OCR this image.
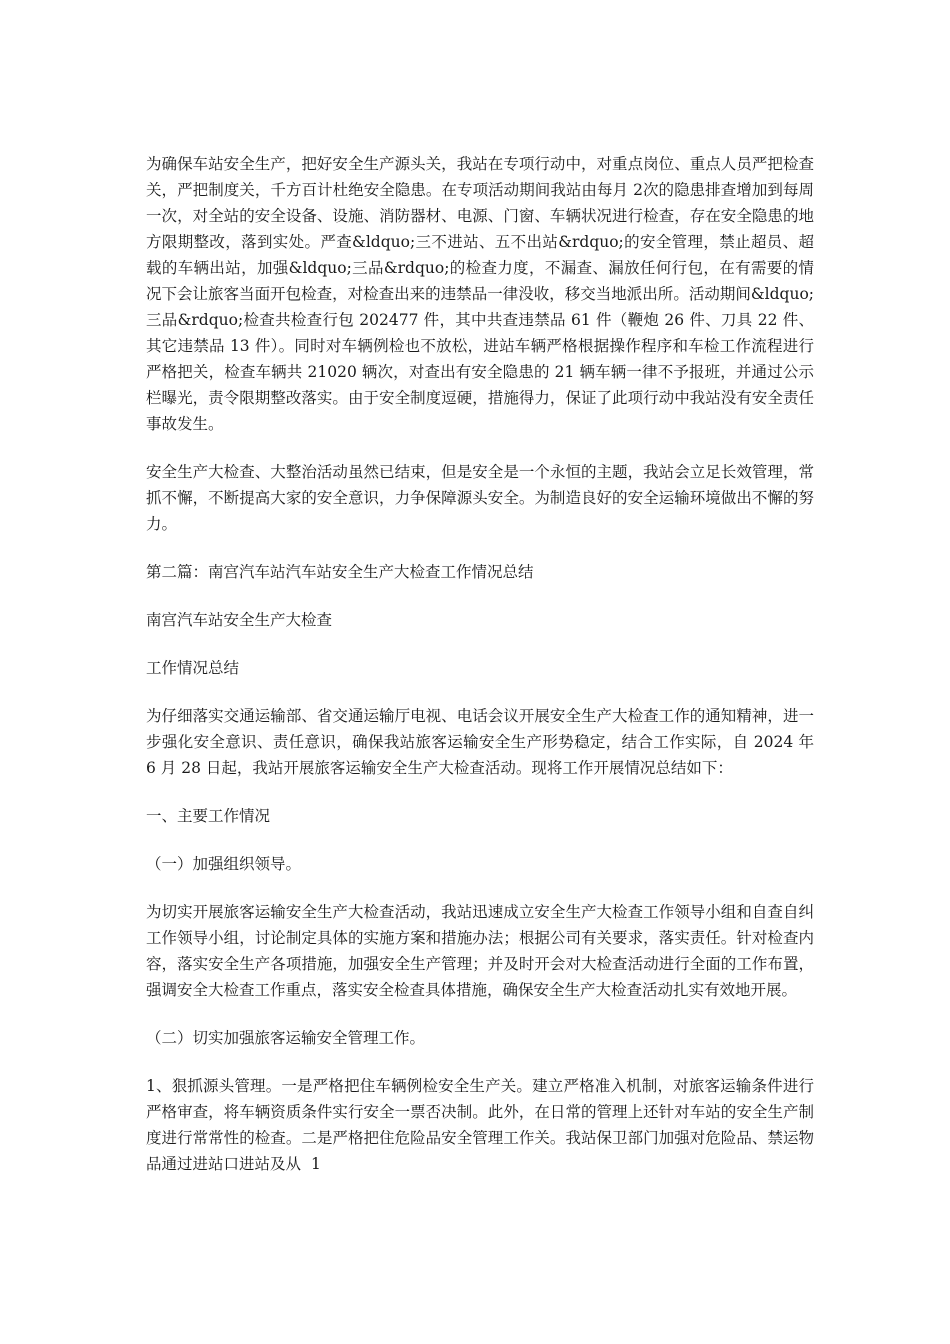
为确保车站安全生产，把好安全生产源头关，我站在专项行动中，对重点岗位、重点人员严把检查关，严把制度关，千方百计杜绝安全隐患。在专项活动期间我站由每月 2次的隐患排查增加到每周一次，对全站的安全设备、设施、消防器材、电源、门窗、车辆状况进行检查，存在安全隐患的地方限期整改，落到实处。严查&ldquo;三不进站、五不出站&rdquo;的安全管理，禁止超员、超载的车辆出站，加强&ldquo;三品&rdquo;的检查力度，不漏查、漏放任何行包，在有需要的情况下会让旅客当面开包检查，对检查出来的违禁品一律没收，移交当地派出所。活动期间&ldquo;三品&rdquo;检查共检查行包 202477 件，其中共查违禁品 61 件（鞭炮 26 件、刀具 22 件、其它违禁品 13 件）。同时对车辆例检也不放松，进站车辆严格根据操作程序和车检工作流程进行严格把关，检查车辆共 21020 辆次，对查出有安全隐患的 21 辆车辆一律不予报班，并通过公示栏曝光，责令限期整改落实。由于安全制度逗硬，措施得力，保证了此项行动中我站没有安全责任事故发生。

安全生产大检查、大整治活动虽然已结束，但是安全是一个永恒的主题，我站会立足长效管理，常抓不懈，不断提高大家的安全意识，力争保障源头安全。为制造良好的安全运输环境做出不懈的努力。

第二篇：南宫汽车站汽车站安全生产大检查工作情况总结

南宫汽车站安全生产大检查

工作情况总结

为仔细落实交通运输部、省交通运输厅电视、电话会议开展安全生产大检查工作的通知精神，进一步强化安全意识、责任意识，确保我站旅客运输安全生产形势稳定，结合工作实际，自 2024 年 6 月 28 日起，我站开展旅客运输安全生产大检查活动。现将工作开展情况总结如下：

一、主要工作情况

（一）加强组织领导。

为切实开展旅客运输安全生产大检查活动，我站迅速成立安全生产大检查工作领导小组和自查自纠工作领导小组，讨论制定具体的实施方案和措施办法；根据公司有关要求，落实责任。针对检查内容，落实安全生产各项措施，加强安全生产管理；并及时开会对大检查活动进行全面的工作布置，强调安全大检查工作重点，落实安全检查具体措施，确保安全生产大检查活动扎实有效地开展。

（二）切实加强旅客运输安全管理工作。

1、狠抓源头管理。一是严格把住车辆例检安全生产关。建立严格准入机制，对旅客运输条件进行严格审查，将车辆资质条件实行安全一票否决制。此外，在日常的管理上还针对车站的安全生产制度进行常常性的检查。二是严格把住危险品安全管理工作关。我站保卫部门加强对危险品、禁运物品通过进站口进站及从 1
